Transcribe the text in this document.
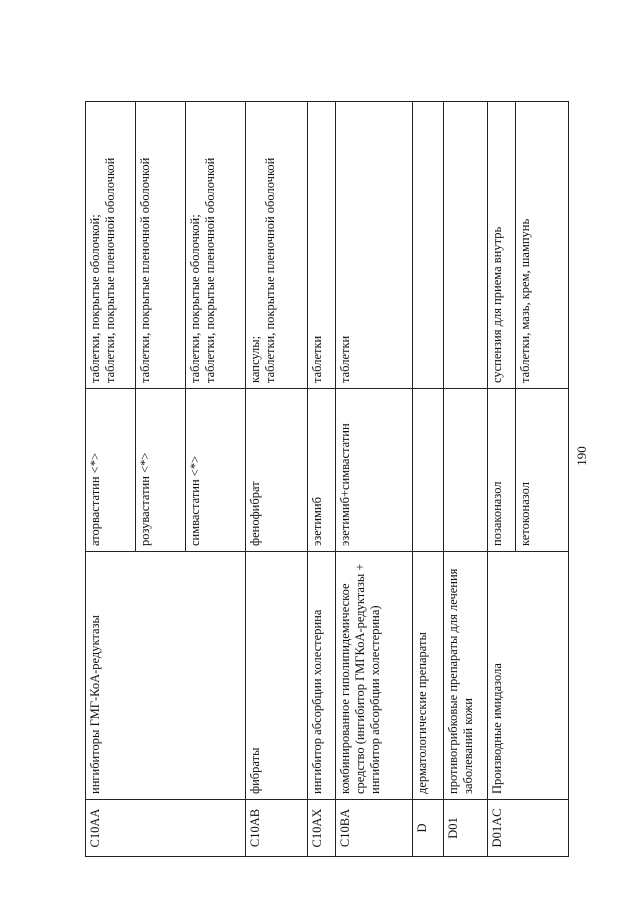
C10AA	ингибиторы ГМГ-КоА-редуктазы	аторвастатин <*>	таблетки, покрытые оболочкой;
таблетки, покрытые пленочной оболочкой
		розувастатин <*>	таблетки, покрытые пленочной оболочкой
		симвастатин <*>	таблетки, покрытые оболочкой;
таблетки, покрытые пленочной оболочкой
C10AB	фибраты	фенофибрат	капсулы;
таблетки, покрытые пленочной оболочкой
C10AX	ингибитор абсорбции холестерина	эзетимиб	таблетки
C10BA	комбинированное гиполипидемическое средство (ингибитор ГМГКоА-редуктазы + ингибитор абсорбции холестерина)	эзетимиб+симвастатин	таблетки
D	дерматологические препараты		
D01	противогрибковые препараты для лечения заболеваний кожи		
D01AC	Производные имидазола	позаконазол	суспензия для приема внутрь
		кетоконазол	таблетки, мазь, крем, шампунь
190
